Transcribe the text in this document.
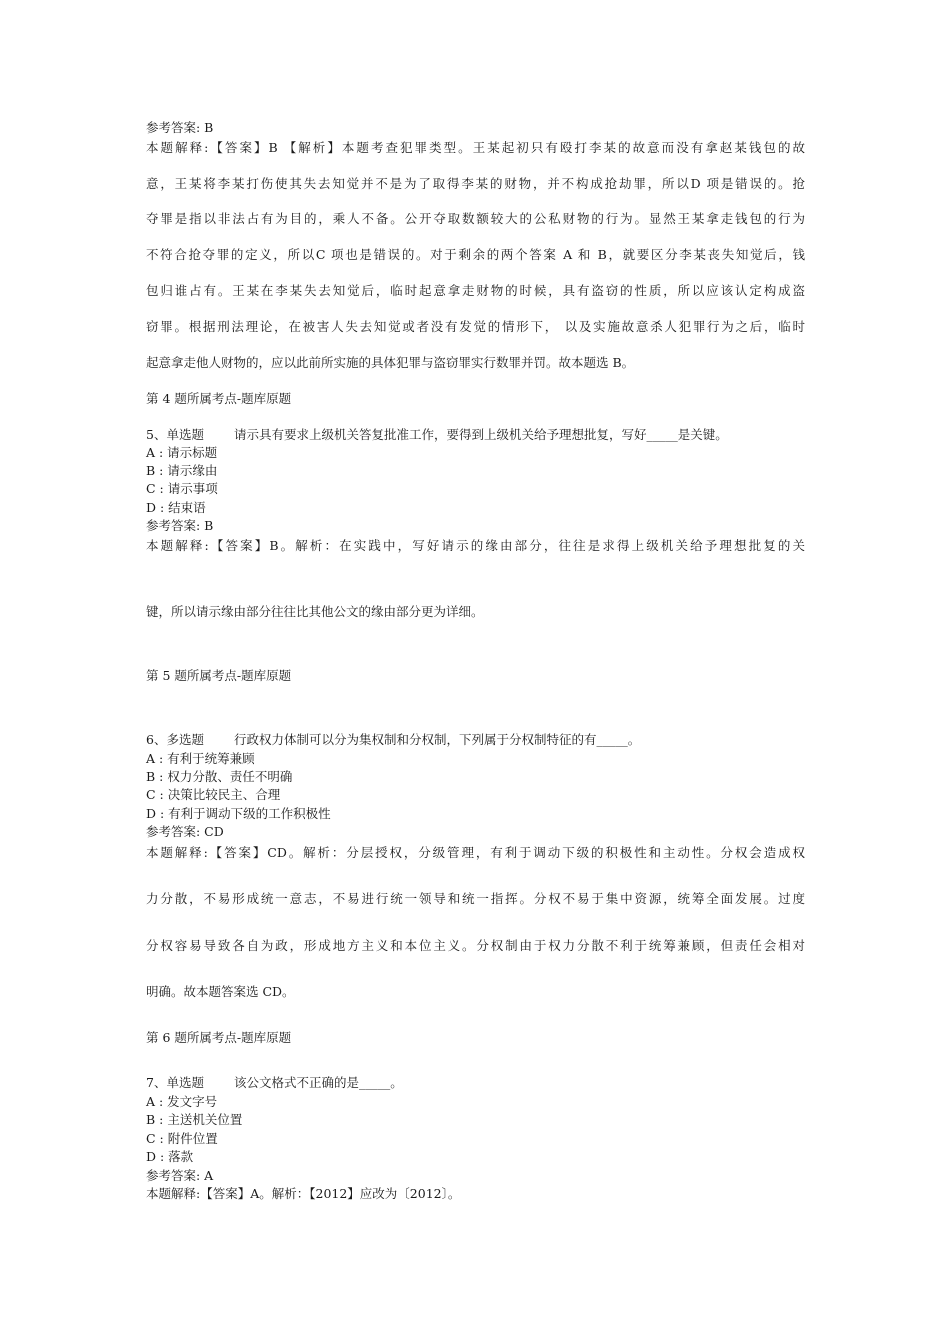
参考答案: B
本题解释:【答案】B 【解析】本题考查犯罪类型。王某起初只有殴打李某的故意而没有拿赵某钱包的故
意，王某将李某打伤使其失去知觉并不是为了取得李某的财物，并不构成抢劫罪，所以D 项是错误的。抢
夺罪是指以非法占有为目的，乘人不备。公开夺取数额较大的公私财物的行为。显然王某拿走钱包的行为
不符合抢夺罪的定义，所以C 项也是错误的。对于剩余的两个答案 A 和 B，就要区分李某丧失知觉后，钱
包归谁占有。王某在李某失去知觉后，临时起意拿走财物的时候，具有盗窃的性质，所以应该认定构成盗
窃罪。根据刑法理论，在被害人失去知觉或者没有发觉的情形下， 以及实施故意杀人犯罪行为之后，临时
起意拿走他人财物的，应以此前所实施的具体犯罪与盗窃罪实行数罪并罚。故本题选 B。
第 4 题所属考点-题库原题
5、单选题 请示具有要求上级机关答复批准工作，要得到上级机关给予理想批复，写好_____是关键。
A : 请示标题
B : 请示缘由
C : 请示事项
D : 结束语
参考答案: B
本题解释:【答案】B。解析：在实践中，写好请示的缘由部分，往往是求得上级机关给予理想批复的关
键，所以请示缘由部分往往比其他公文的缘由部分更为详细。
第 5 题所属考点-题库原题
6、多选题 行政权力体制可以分为集权制和分权制，下列属于分权制特征的有_____。
A : 有利于统筹兼顾
B : 权力分散、责任不明确
C : 决策比较民主、合理
D : 有利于调动下级的工作积极性
参考答案: CD
本题解释:【答案】CD。解析：分层授权，分级管理，有利于调动下级的积极性和主动性。分权会造成权
力分散，不易形成统一意志，不易进行统一领导和统一指挥。分权不易于集中资源，统筹全面发展。过度
分权容易导致各自为政，形成地方主义和本位主义。分权制由于权力分散不利于统筹兼顾，但责任会相对
明确。故本题答案选 CD。
第 6 题所属考点-题库原题
7、单选题 该公文格式不正确的是_____。
A : 发文字号
B : 主送机关位置
C : 附件位置
D : 落款
参考答案: A
本题解释:【答案】A。解析：【2012】应改为〔2012〕。
